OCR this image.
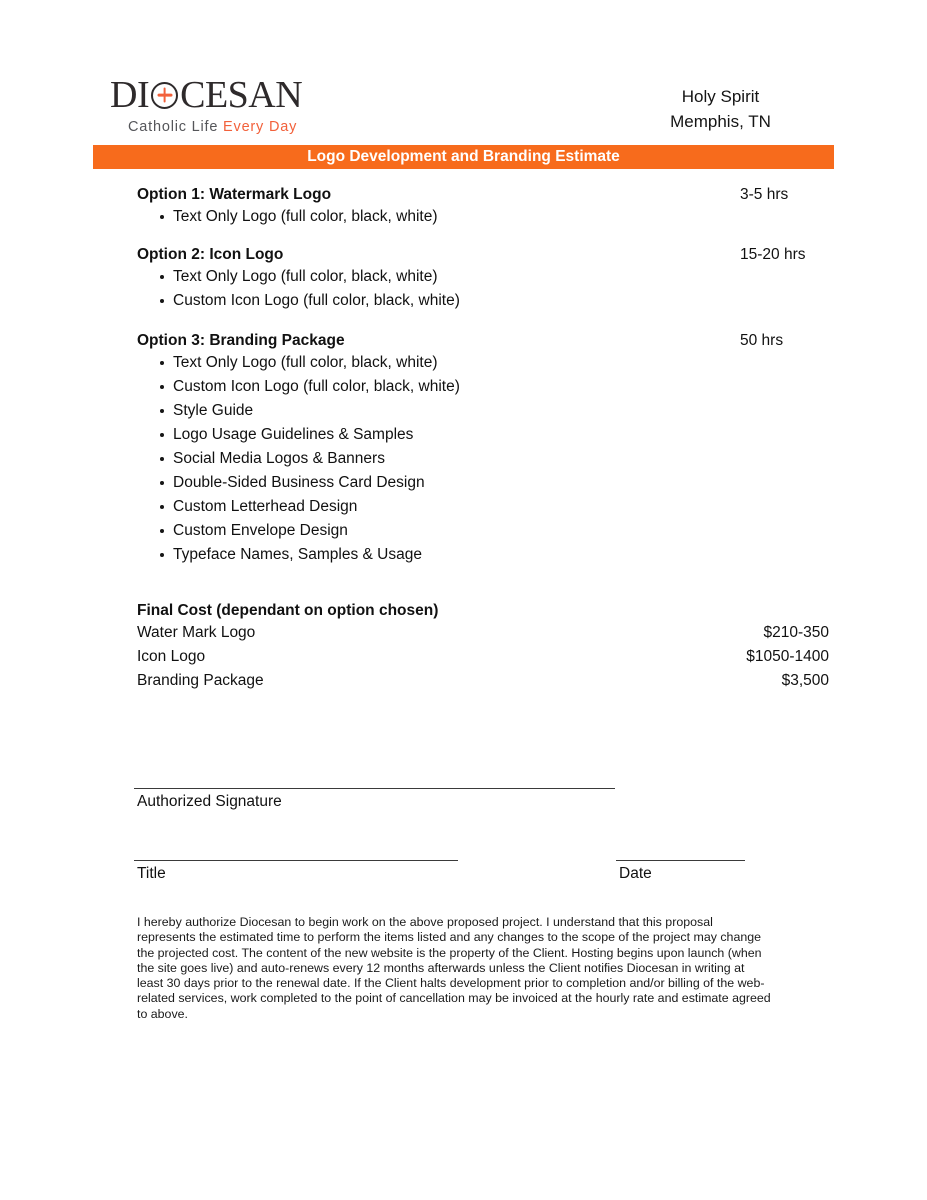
DI CESAN
Catholic Life Every Day
Holy Spirit
Memphis, TN
Logo Development and Branding Estimate
Option 1: Watermark Logo	3-5 hrs
Text Only Logo (full color, black, white)
Option 2: Icon Logo	15-20 hrs
Text Only Logo (full color, black, white)
Custom Icon Logo (full color, black, white)
Option 3: Branding Package	50 hrs
Text Only Logo (full color, black, white)
Custom Icon Logo (full color, black, white)
Style Guide
Logo Usage Guidelines & Samples
Social Media Logos & Banners
Double-Sided Business Card Design
Custom Letterhead Design
Custom Envelope Design
Typeface Names, Samples & Usage
Final Cost (dependant on option chosen)
Water Mark Logo	$210-350
Icon Logo	$1050-1400
Branding Package	$3,500
Authorized Signature
Title	Date

I hereby authorize Diocesan to begin work on the above proposed project. I understand that this proposal represents the estimated time to perform the items listed and any changes to the scope of the project may change the projected cost. The content of the new website is the property of the Client. Hosting begins upon launch (when the site goes live) and auto-renews every 12 months afterwards unless the Client notifies Diocesan in writing at least 30 days prior to the renewal date. If the Client halts development prior to completion and/or billing of the web-related services, work completed to the point of cancellation may be invoiced at the hourly rate and estimate agreed to above.
